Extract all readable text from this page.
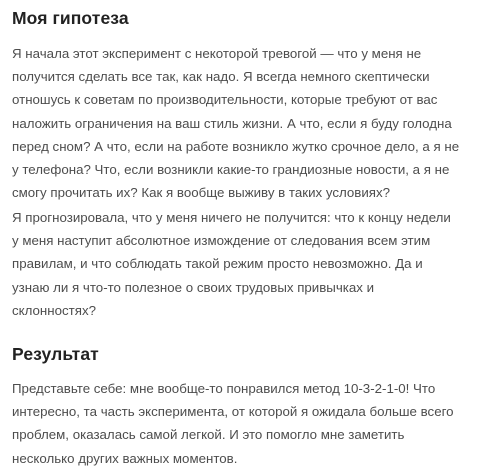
Моя гипотеза

Я начала этот эксперимент с некоторой тревогой — что у меня не
получится сделать все так, как надо. Я всегда немного скептически
отношусь к советам по производительности, которые требуют от вас
наложить ограничения на ваш стиль жизни. А что, если я буду голодна
перед сном? А что, если на работе возникло жутко срочное дело, а я не
у телефона? Что, если возникли какие-то грандиозные новости, а я не
смогу прочитать их? Как я вообще выживу в таких условиях?

Я прогнозировала, что у меня ничего не получится: что к концу недели
у меня наступит абсолютное измождение от следования всем этим
правилам, и что соблюдать такой режим просто невозможно. Да и
узнаю ли я что-то полезное о своих трудовых привычках и
склонностях?

Результат

Представьте себе: мне вообще-то понравился метод 10-3-2-1-0! Что
интересно, та часть эксперимента, от которой я ожидала больше всего
проблем, оказалась самой легкой. И это помогло мне заметить
несколько других важных моментов.
